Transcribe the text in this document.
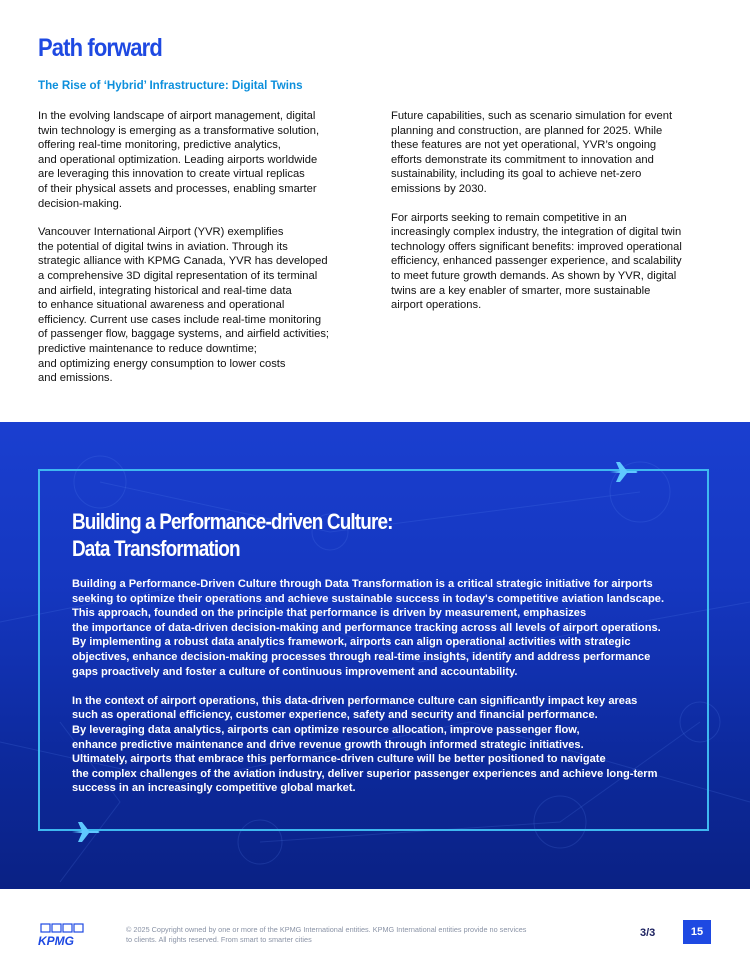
Path forward
The Rise of ‘Hybrid’ Infrastructure: Digital Twins

In the evolving landscape of airport management, digital
twin technology is emerging as a transformative solution,
offering real-time monitoring, predictive analytics,
and operational optimization. Leading airports worldwide
are leveraging this innovation to create virtual replicas
of their physical assets and processes, enabling smarter
decision-making.

Vancouver International Airport (YVR) exemplifies
the potential of digital twins in aviation. Through its
strategic alliance with KPMG Canada, YVR has developed
a comprehensive 3D digital representation of its terminal
and airfield, integrating historical and real-time data
to enhance situational awareness and operational
efficiency. Current use cases include real-time monitoring
of passenger flow, baggage systems, and airfield activities;
predictive maintenance to reduce downtime;
and optimizing energy consumption to lower costs
and emissions.

Future capabilities, such as scenario simulation for event
planning and construction, are planned for 2025. While
these features are not yet operational, YVR’s ongoing
efforts demonstrate its commitment to innovation and
sustainability, including its goal to achieve net-zero
emissions by 2030.

For airports seeking to remain competitive in an
increasingly complex industry, the integration of digital twin
technology offers significant benefits: improved operational
efficiency, enhanced passenger experience, and scalability
to meet future growth demands. As shown by YVR, digital
twins are a key enabler of smarter, more sustainable
airport operations.

Building a Performance-driven Culture:
Data Transformation

Building a Performance-Driven Culture through Data Transformation is a critical strategic initiative for airports
seeking to optimize their operations and achieve sustainable success in today's competitive aviation landscape.
This approach, founded on the principle that performance is driven by measurement, emphasizes
the importance of data-driven decision-making and performance tracking across all levels of airport operations.
By implementing a robust data analytics framework, airports can align operational activities with strategic
objectives, enhance decision-making processes through real-time insights, identify and address performance
gaps proactively and foster a culture of continuous improvement and accountability.

In the context of airport operations, this data-driven performance culture can significantly impact key areas
such as operational efficiency, customer experience, safety and security and financial performance.
By leveraging data analytics, airports can optimize resource allocation, improve passenger flow,
enhance predictive maintenance and drive revenue growth through informed strategic initiatives.
Ultimately, airports that embrace this performance-driven culture will be better positioned to navigate
the complex challenges of the aviation industry, deliver superior passenger experiences and achieve long-term
success in an increasingly competitive global market.

KPMG
© 2025 Copyright owned by one or more of the KPMG International entities. KPMG International entities provide no services
to clients. All rights reserved. From smart to smarter cities
3/3	15
